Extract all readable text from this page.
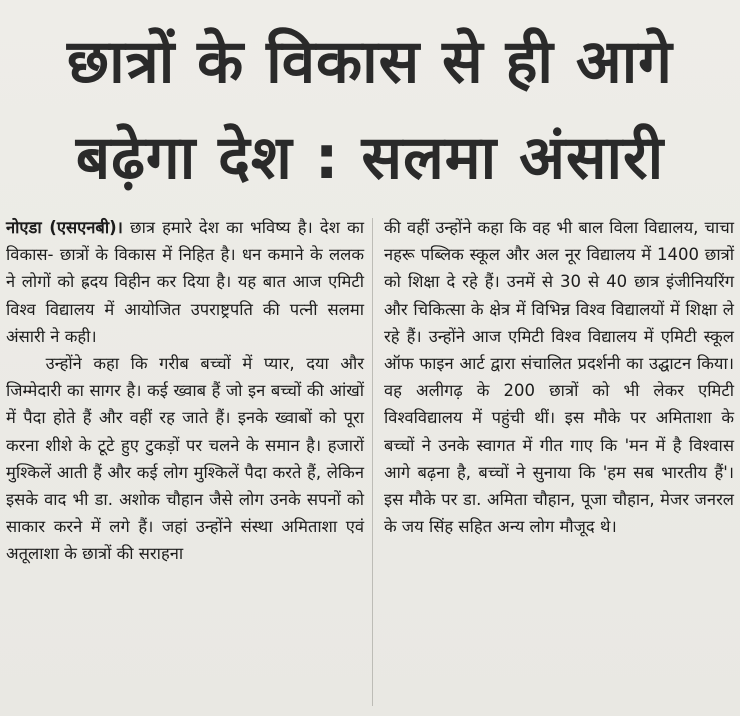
छात्रों के विकास से ही आगे
बढ़ेगा देश : सलमा अंसारी

नोएडा (एसएनबी)। छात्र हमारे देश का भविष्य है। देश का विकास- छात्रों के विकास में निहित है। धन कमाने के ललक ने लोगों को ह्रदय विहीन कर दिया है। यह बात आज एमिटी विश्व विद्यालय में आयोजित उपराष्ट्रपति की पत्नी सलमा अंसारी ने कही।

उन्होंने कहा कि गरीब बच्चों में प्यार, दया और जिम्मेदारी का सागर है। कई ख्वाब हैं जो इन बच्चों की आंखों में पैदा होते हैं और वहीं रह जाते हैं। इनके ख्वाबों को पूरा करना शीशे के टूटे हुए टुकड़ों पर चलने के समान है। हजारों मुश्किलें आती हैं और कई लोग मुश्किलें पैदा करते हैं, लेकिन इसके वाद भी डा. अशोक चौहान जैसे लोग उनके सपनों को साकार करने में लगे हैं। जहां उन्होंने संस्था अमिताशा एवं अतूलाशा के छात्रों की सराहना

की वहीं उन्होंने कहा कि वह भी बाल विला विद्यालय, चाचा नहरू पब्लिक स्कूल और अल नूर विद्यालय में 1400 छात्रों को शिक्षा दे रहे हैं। उनमें से 30 से 40 छात्र इंजीनियरिंग और चिकित्सा के क्षेत्र में विभिन्न विश्व विद्यालयों में शिक्षा ले रहे हैं। उन्होंने आज एमिटी विश्व विद्यालय में एमिटी स्कूल ऑफ फाइन आर्ट द्वारा संचालित प्रदर्शनी का उद्घाटन किया। वह अलीगढ़ के 200 छात्रों को भी लेकर एमिटी विश्वविद्यालय में पहुंची थीं। इस मौके पर अमिताशा के बच्चों ने उनके स्वागत में गीत गाए कि 'मन में है विश्वास आगे बढ़ना है, बच्चों ने सुनाया कि 'हम सब भारतीय हैं'। इस मौके पर डा. अमिता चौहान, पूजा चौहान, मेजर जनरल के जय सिंह सहित अन्य लोग मौजूद थे।
